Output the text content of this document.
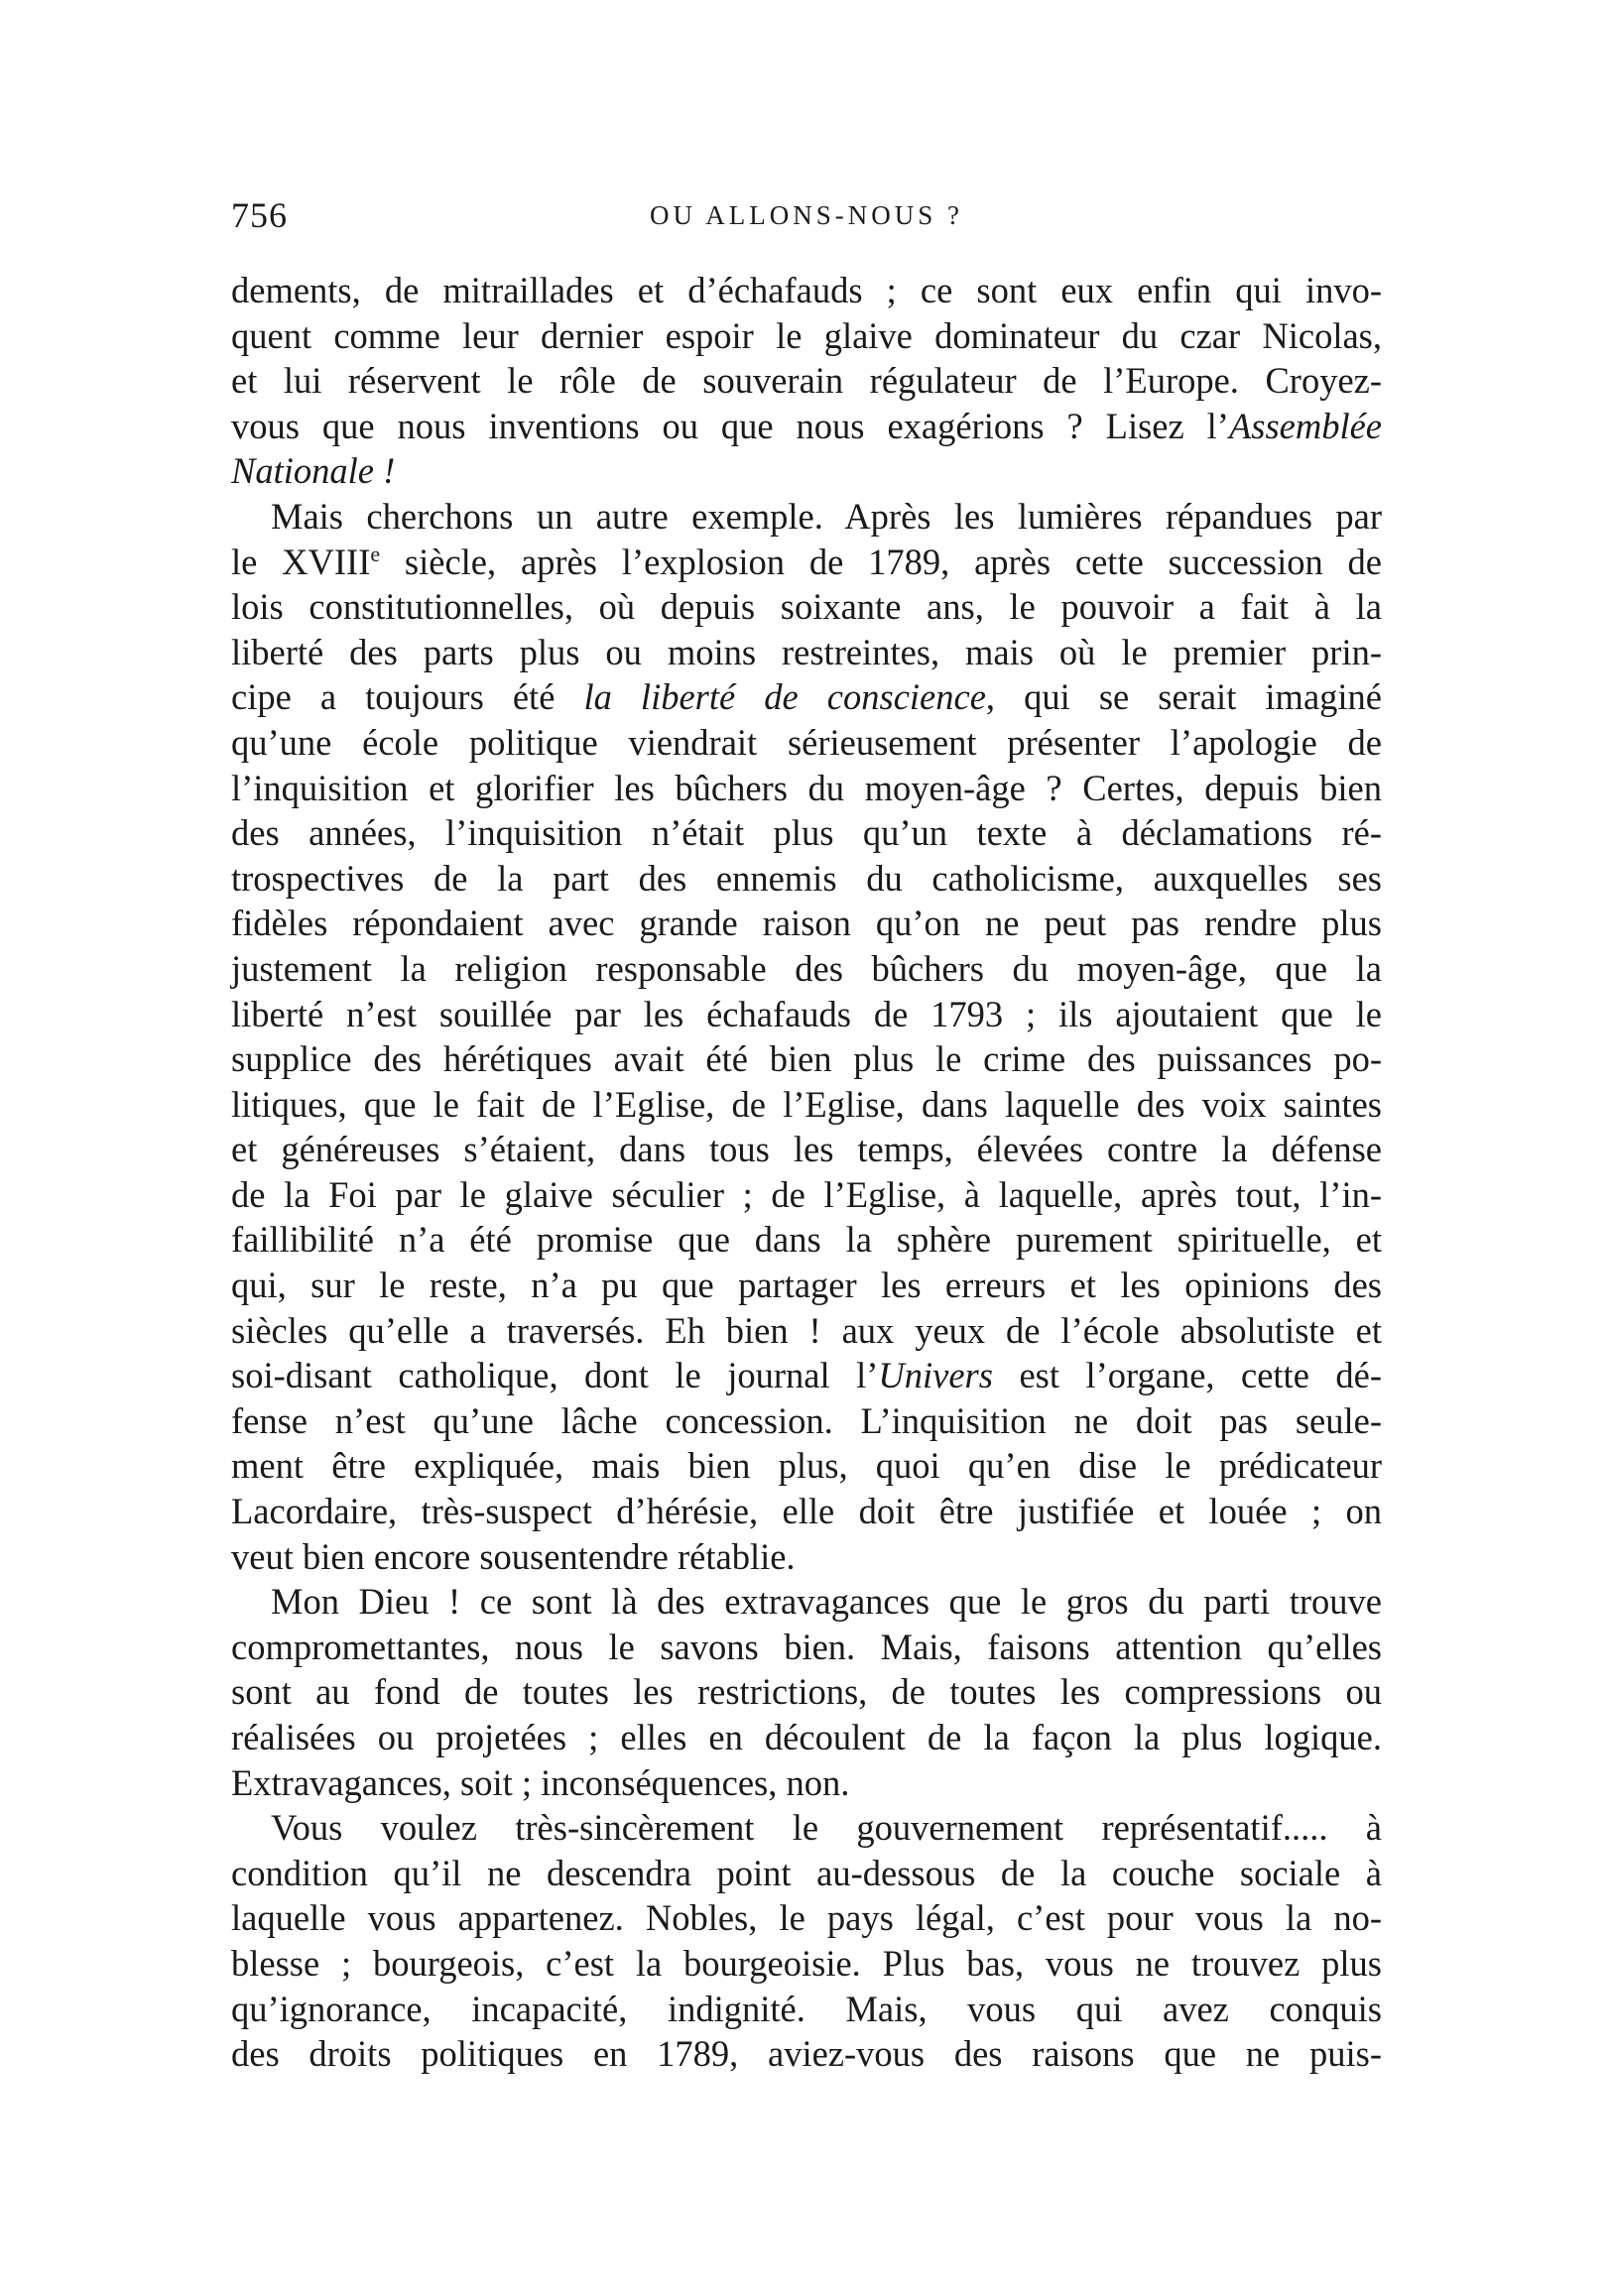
756	OU ALLONS-NOUS ?
dements, de mitraillades et d’échafauds ; ce sont eux enfin qui invo-
quent comme leur dernier espoir le glaive dominateur du czar Nicolas,
et lui réservent le rôle de souverain régulateur de l’Europe. Croyez-
vous que nous inventions ou que nous exagérions ? Lisez l’Assemblée
Nationale !
Mais cherchons un autre exemple. Après les lumières répandues par
le XVIIIe siècle, après l’explosion de 1789, après cette succession de
lois constitutionnelles, où depuis soixante ans, le pouvoir a fait à la
liberté des parts plus ou moins restreintes, mais où le premier prin-
cipe a toujours été la liberté de conscience, qui se serait imaginé
qu’une école politique viendrait sérieusement présenter l’apologie de
l’inquisition et glorifier les bûchers du moyen-âge ? Certes, depuis bien
des années, l’inquisition n’était plus qu’un texte à déclamations ré-
trospectives de la part des ennemis du catholicisme, auxquelles ses
fidèles répondaient avec grande raison qu’on ne peut pas rendre plus
justement la religion responsable des bûchers du moyen-âge, que la
liberté n’est souillée par les échafauds de 1793 ; ils ajoutaient que le
supplice des hérétiques avait été bien plus le crime des puissances po-
litiques, que le fait de l’Eglise, de l’Eglise, dans laquelle des voix saintes
et généreuses s’étaient, dans tous les temps, élevées contre la défense
de la Foi par le glaive séculier ; de l’Eglise, à laquelle, après tout, l’in-
faillibilité n’a été promise que dans la sphère purement spirituelle, et
qui, sur le reste, n’a pu que partager les erreurs et les opinions des
siècles qu’elle a traversés. Eh bien ! aux yeux de l’école absolutiste et
soi-disant catholique, dont le journal l’Univers est l’organe, cette dé-
fense n’est qu’une lâche concession. L’inquisition ne doit pas seule-
ment être expliquée, mais bien plus, quoi qu’en dise le prédicateur
Lacordaire, très-suspect d’hérésie, elle doit être justifiée et louée ; on
veut bien encore sousentendre rétablie.
Mon Dieu ! ce sont là des extravagances que le gros du parti trouve
compromettantes, nous le savons bien. Mais, faisons attention qu’elles
sont au fond de toutes les restrictions, de toutes les compressions ou
réalisées ou projetées ; elles en découlent de la façon la plus logique.
Extravagances, soit ; inconséquences, non.
Vous voulez très-sincèrement le gouvernement représentatif..... à
condition qu’il ne descendra point au-dessous de la couche sociale à
laquelle vous appartenez. Nobles, le pays légal, c’est pour vous la no-
blesse ; bourgeois, c’est la bourgeoisie. Plus bas, vous ne trouvez plus
qu’ignorance, incapacité, indignité. Mais, vous qui avez conquis
des droits politiques en 1789, aviez-vous des raisons que ne puis-
